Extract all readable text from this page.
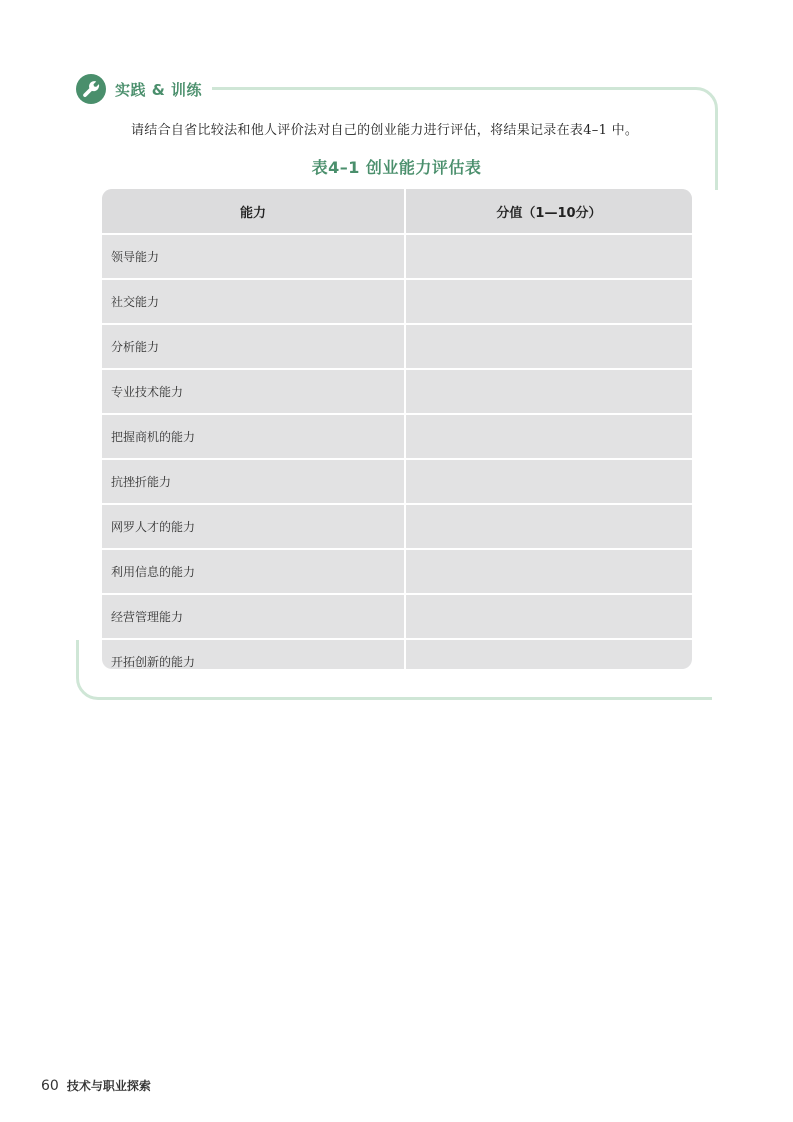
实践 & 训练
请结合自省比较法和他人评价法对自己的创业能力进行评估，将结果记录在表4–1 中。
表4–1 创业能力评估表
能力	分值（1—10分）
领导能力	
社交能力	
分析能力	
专业技术能力	
把握商机的能力	
抗挫折能力	
网罗人才的能力	
利用信息的能力	
经营管理能力	
开拓创新的能力	
60 技术与职业探索
